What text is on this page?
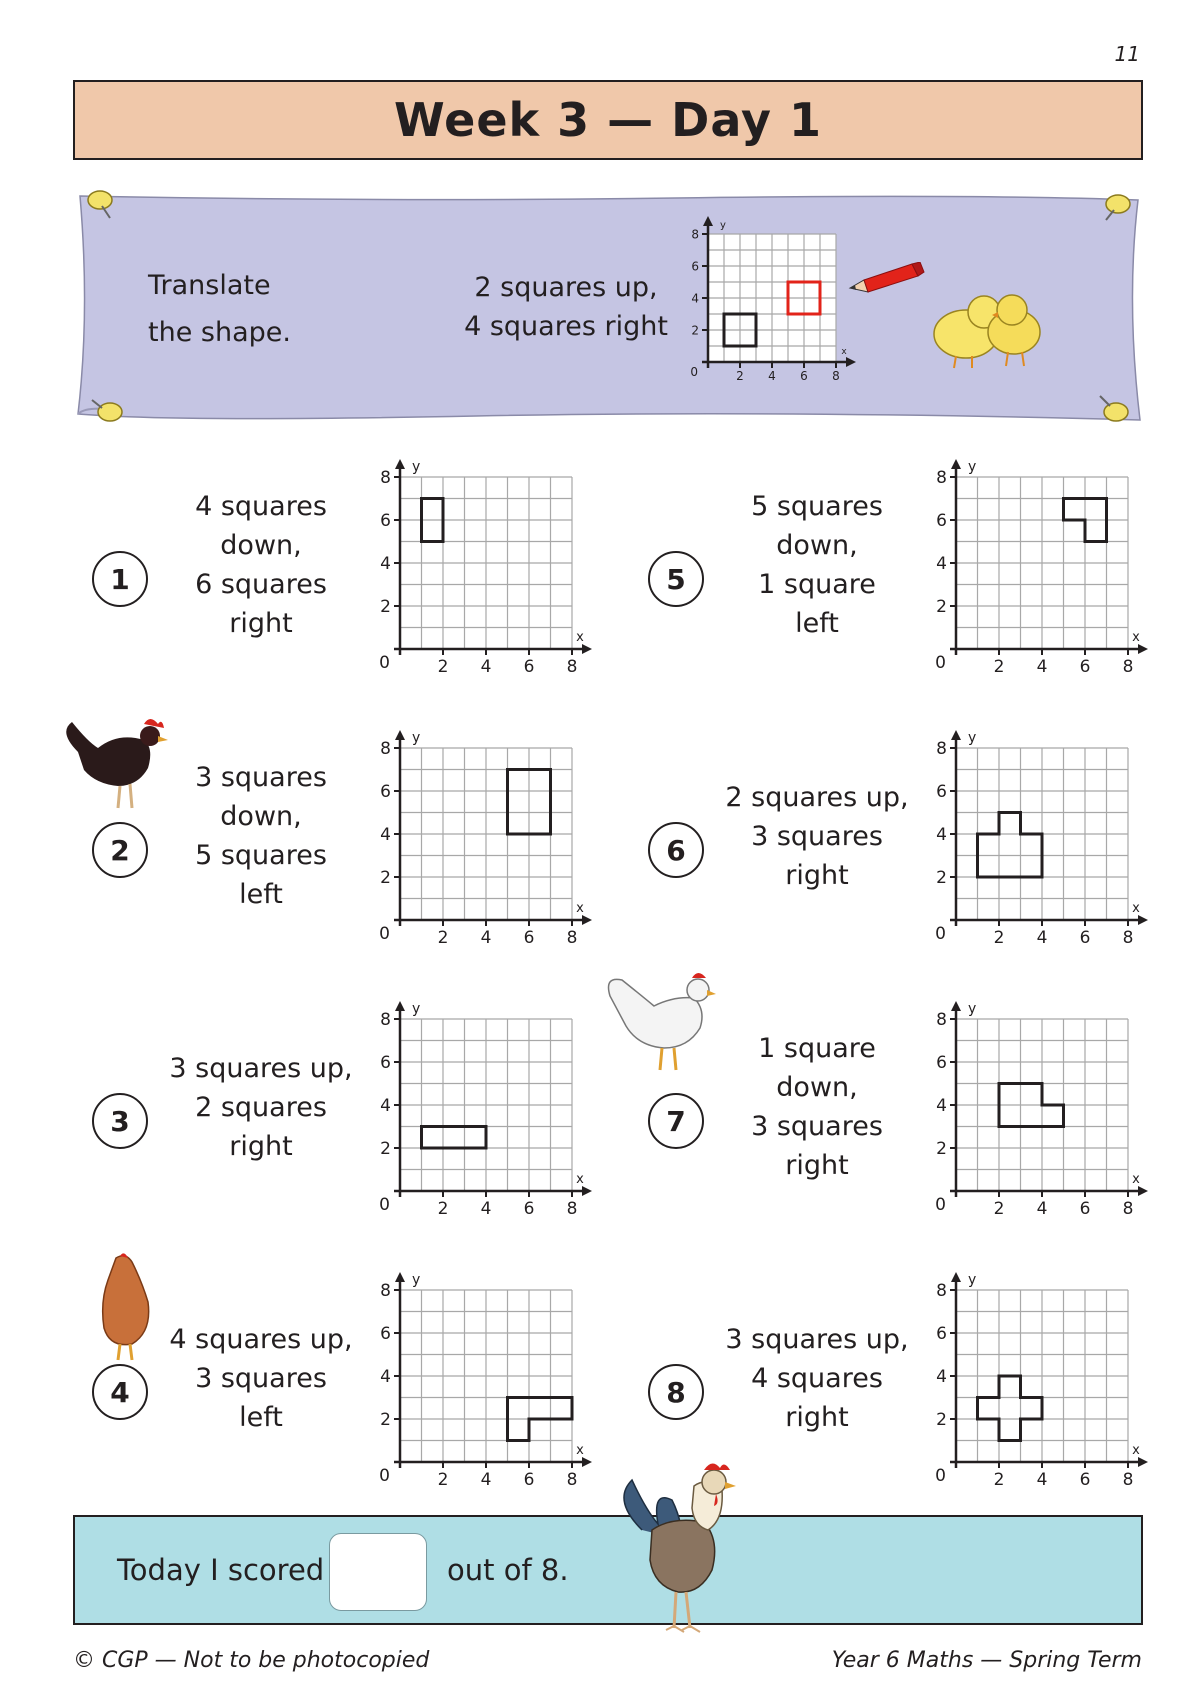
11
Week 3 — Day 1
Translate
the shape.
2 squares up,
4 squares right
2 4 6 8
2
4
6
8
0
y
x
1
4 squares
down,
6 squares
right
2 4 6 8
2
4
6
8
0
y
x
2
3 squares
down,
5 squares
left
2 4 6 8
2
4
6
8
0
y
x
3
3 squares up,
2 squares
right
2 4 6 8
2
4
6
8
0
y
x
4
4 squares up,
3 squares
left
2 4 6 8
2
4
6
8
0
y
x
5
5 squares
down,
1 square
left
2 4 6 8
2
4
6
8
0
y
x
6
2 squares up,
3 squares
right
2 4 6 8
2
4
6
8
0
y
x
7
1 square
down,
3 squares
right
2 4 6 8
2
4
6
8
0
y
x
8
3 squares up,
4 squares
right
2 4 6 8
2
4
6
8
0
y
x
Today I scored	out of 8.
© CGP — Not to be photocopied	Year 6 Maths — Spring Term
